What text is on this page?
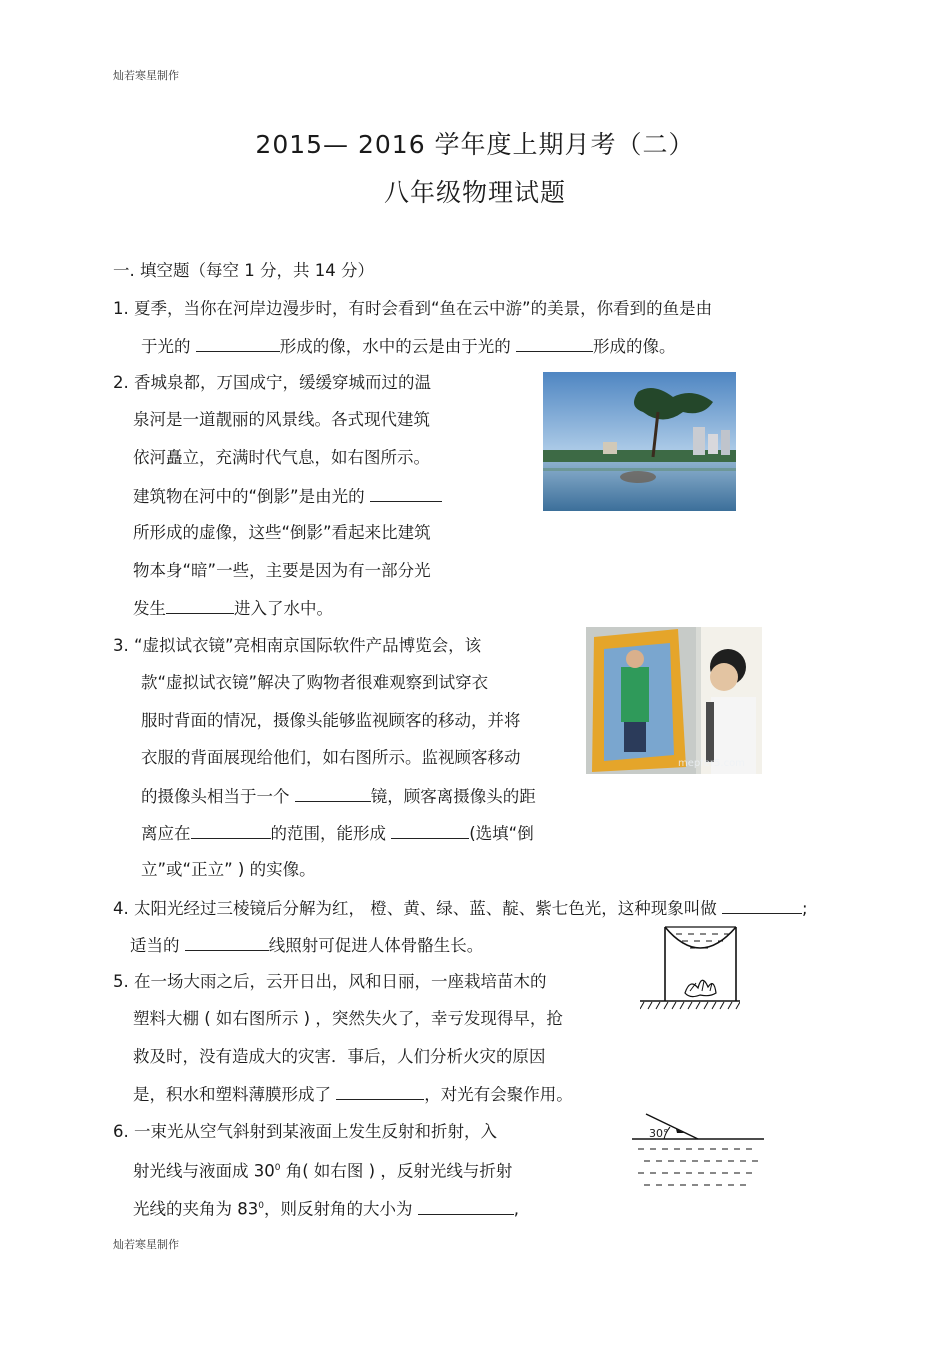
灿若寒星制作
灿若寒星制作
2015— 2016 学年度上期月考（二）
八年级物理试题
一. 填空题（每空 1 分，共 14 分）
1. 夏季，当你在河岸边漫步时，有时会看到“鱼在云中游”的美景，你看到的鱼是由
于光的	形成的像，水中的云是由于光的	形成的像。
2. 香城泉都，万国成宁，缓缓穿城而过的温
泉河是一道靓丽的风景线。各式现代建筑
依河矗立，充满时代气息，如右图所示。
建筑物在河中的“倒影”是由光的
所形成的虚像，这些“倒影”看起来比建筑
物本身“暗”一些，主要是因为有一部分光
发生	进入了水中。
3. “虚拟试衣镜”亮相南京国际软件产品博览会，该
款“虚拟试衣镜”解决了购物者很难观察到试穿衣
服时背面的情况，摄像头能够监视顾客的移动，并将
衣服的背面展现给他们，如右图所示。监视顾客移动
的摄像头相当于一个	镜，顾客离摄像头的距
离应在	的范围，能形成	(选填“倒
立”或“正立” ) 的实像。
mepfer5.com
4. 太阳光经过三棱镜后分解为红， 橙、黄、绿、蓝、靛、紫七色光，这种现象叫做	;
适当的	线照射可促进人体骨骼生长。
5. 在一场大雨之后，云开日出，风和日丽，一座栽培苗木的
塑料大棚 ( 如右图所示 ) ，突然失火了，幸亏发现得早，抢
救及时，没有造成大的灾害．事后，人们分析火灾的原因
是，积水和塑料薄膜形成了	，对光有会聚作用。
30°
6. 一束光从空气斜射到某液面上发生反射和折射，入
射光线与液面成 $30^0$ 角( 如右图 ) ，反射光线与折射
光线的夹角为 $83^0$，则反射角的大小为	,
